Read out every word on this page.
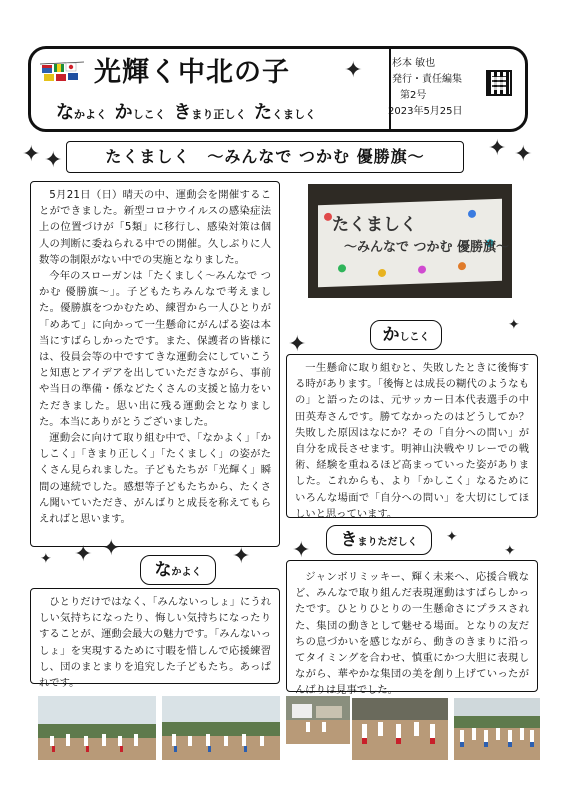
光輝く中北の子 ✦
なかよく かしこく きまり正しく たくましく
杉本 敏也
発行・責任編集
第2号
2023年5月25日
✦ ✦	たくましく　～みんなで つかむ 優勝旗～	✦ ✦

5月21日（日）晴天の中、運動会を開催することができました。新型コロナウイルスの感染症法上の位置づけが「5類」に移行し、感染対策は個人の判断に委ねられる中での開催。久しぶりに人数等の制限がない中での実施となりました。

今年のスローガンは「たくましく～みんなで つかむ 優勝旗～」。子どもたちみんなで考えました。優勝旗をつかむため、練習から一人ひとりが「めあて」に向かって一生懸命にがんばる姿は本当にすばらしかったです。また、保護者の皆様には、役員会等の中ですてきな運動会にしていこうと知恵とアイデアを出していただきながら、事前や当日の準備・係などたくさんの支援と協力をいただきました。思い出に残る運動会となりました。本当にありがとうございました。

運動会に向けて取り組む中で、「なかよく」「かしこく」「きまり正しく」「たくましく」の姿がたくさん見られました。子どもたちが「光輝く」瞬間の連続でした。感想等子どもたちから、たくさん聞いていただき、がんばりと成長を称えてもらえればと思います。

たくましく
～みんなで つかむ 優勝旗～
✦	かしこく
✦

一生懸命に取り組むと、失敗したときに後悔する時があります。「後悔とは成長の糊代のようなもの」と語ったのは、元サッカー日本代表選手の中田英寿さんです。勝てなかったのはどうしてか？失敗した原因はなにか？その「自分への問い」が自分を成長させます。明神山決戦やリレーでの戦術、経験を重ねるほど高まっていった姿がありました。これからも、より「かしこく」なるためにいろんな場面で「自分への問い」を大切にしてほしいと思っています。

✦	きまりただしく	✦
✦

ジャンボリミッキー、輝く未来へ、応援合戦など、みんなで取り組んだ表現運動はすばらしかったです。ひとりひとりの一生懸命さにプラスされた、集団の動きとして魅せる場面。となりの友だちの息づかいを感じながら、動きのきまりに沿ってタイミングを合わせ、慎重にかつ大胆に表現しながら、華やかな集団の美を創り上げていったがんばりは見事でした。

✦ ✦ ✦
なかよく
✦

ひとりだけではなく、「みんないっしょ」にうれしい気持ちになったり、悔しい気持ちになったりすることが、運動会最大の魅力です。「みんないっしょ」を実現するために寸暇を惜しんで応援練習し、団のまとまりを追究した子どもたち。あっぱれです。
